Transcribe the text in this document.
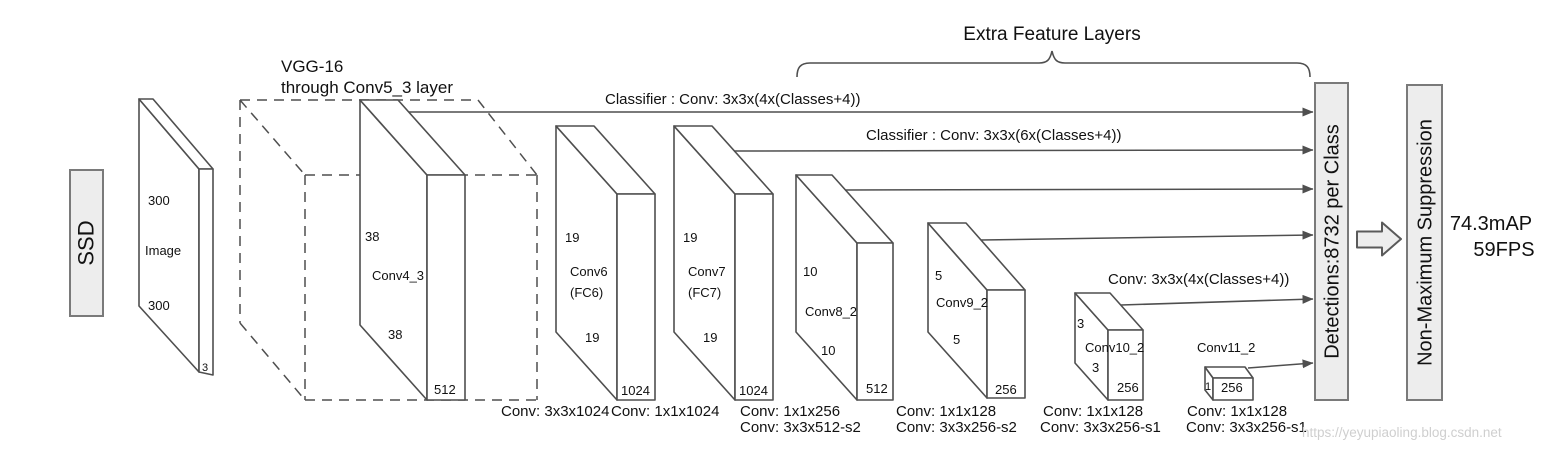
SSD
300
Image
300
3
VGG-16
through Conv5_3 layer
38
Conv4_3
38
512
19
Conv6
(FC6)
19
1024
19
Conv7
(FC7)
19
1024
10
Conv8_2
10
512
5
Conv9_2
5
256
3
Conv10_2
3
256
Conv11_2
1 256
Classifier : Conv: 3x3x(4x(Classes+4))
Classifier : Conv: 3x3x(6x(Classes+4))
Conv: 3x3x(4x(Classes+4))
Extra Feature Layers
Detections:8732 per Class	Non-Maximum Suppression 74.3mAP
59FPS
Conv: 3x3x1024 Conv: 1x1x1024 Conv: 1x1x256
Conv: 3x3x512-s2
Conv: 1x1x128
Conv: 3x3x256-s2
Conv: 1x1x128
Conv: 3x3x256-s1
Conv: 1x1x128
Conv: 3x3x256-s1
https://yeyupiaoling.blog.csdn.net
